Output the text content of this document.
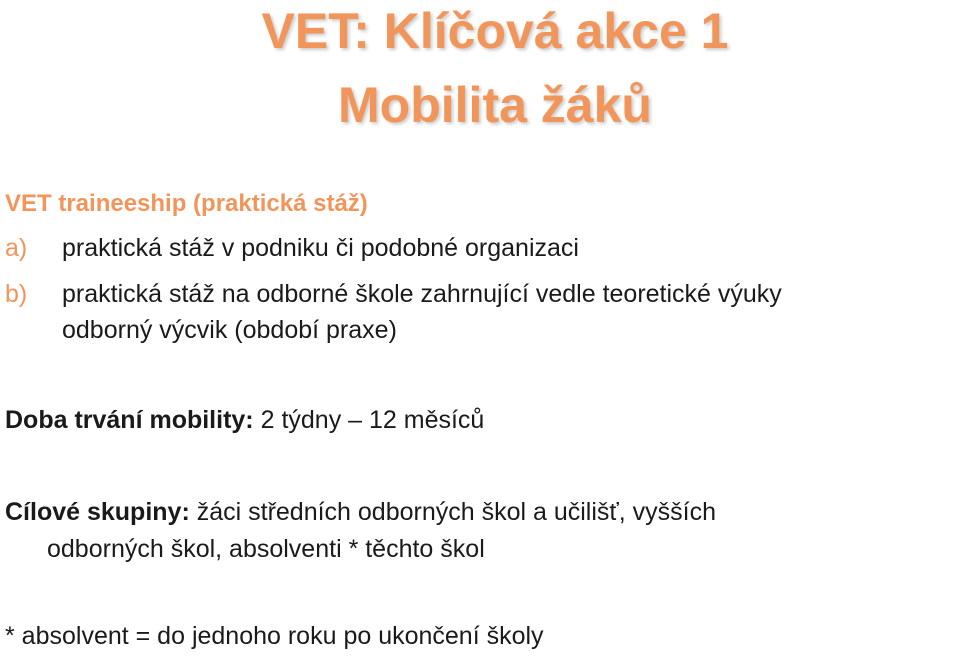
VET: Klíčová akce 1
Mobilita žáků
VET traineeship (praktická stáž)
a) praktická stáž v podniku či podobné organizaci
b) praktická stáž na odborné škole zahrnující vedle teoretické výuky
odborný výcvik (období praxe)
Doba trvání mobility: 2 týdny – 12 měsíců
Cílové skupiny: žáci středních odborných škol a učilišť, vyšších
odborných škol, absolventi * těchto škol
* absolvent = do jednoho roku po ukončení školy
